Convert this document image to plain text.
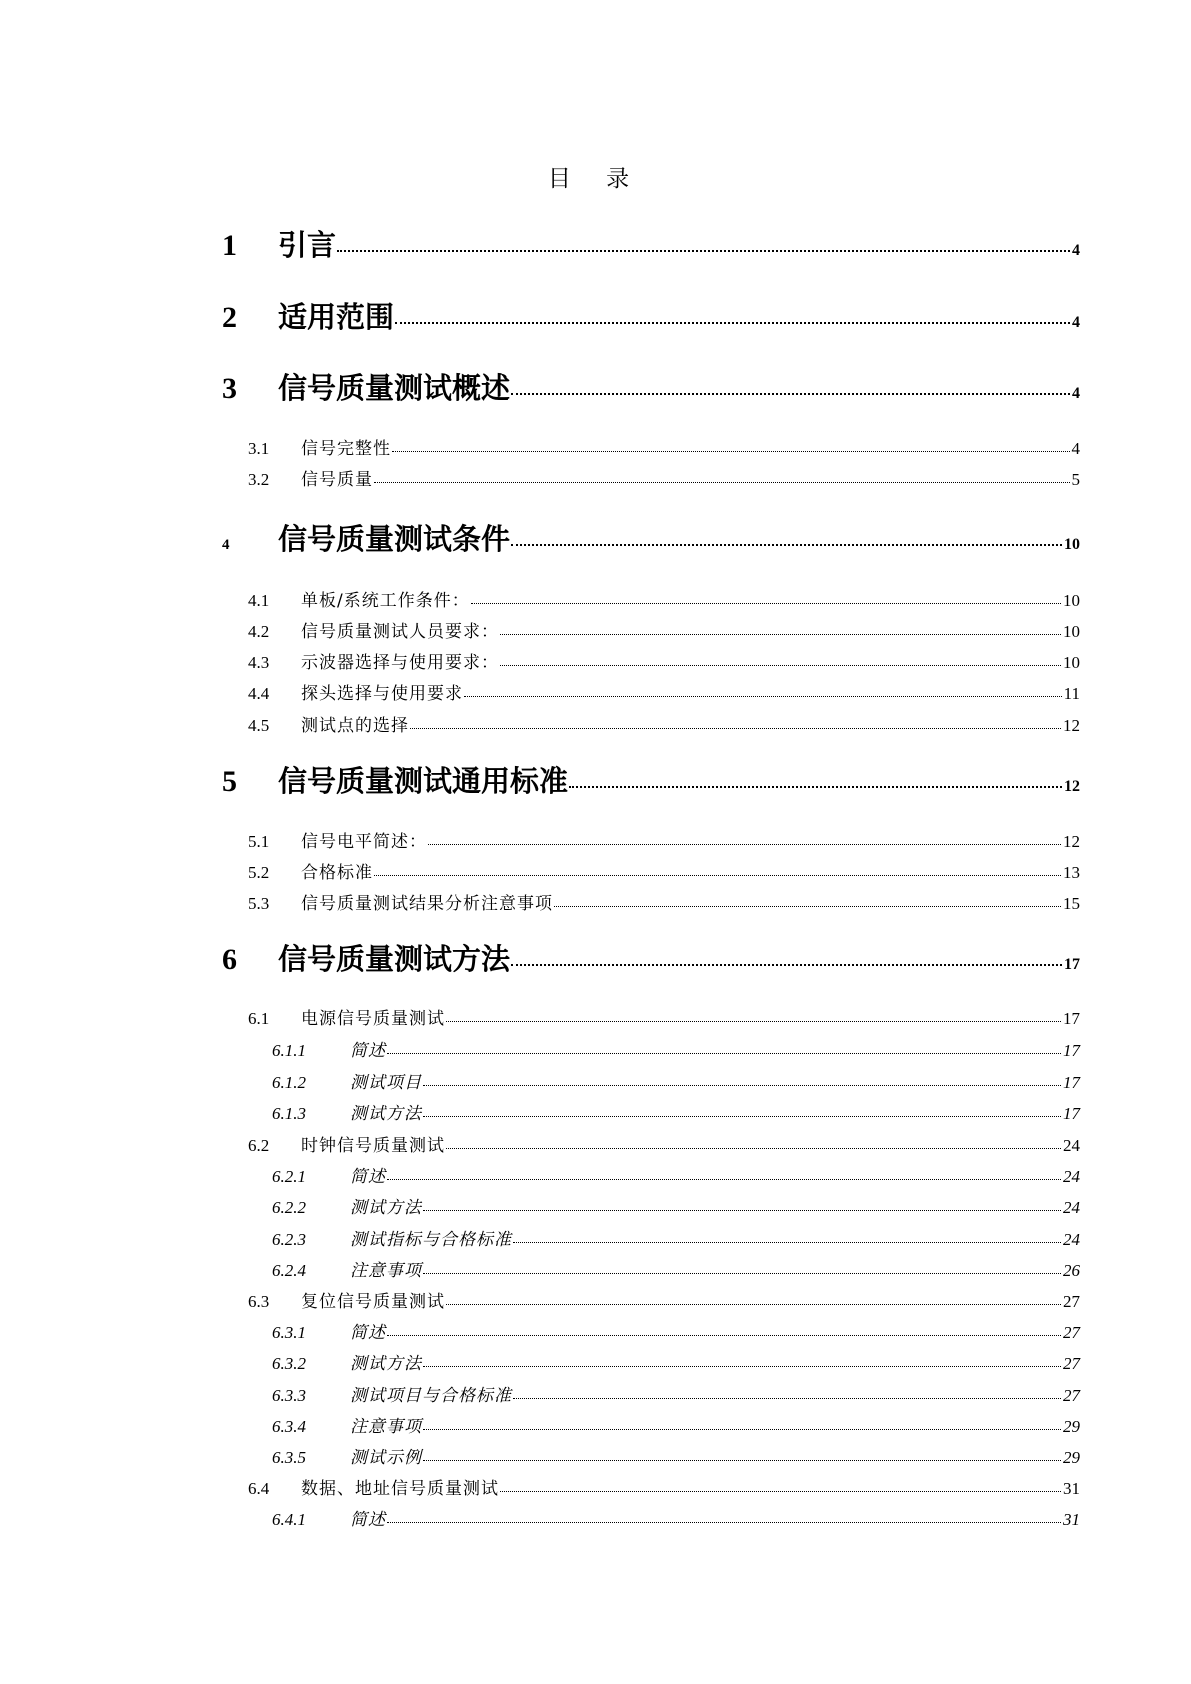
目 录
1	引言	4
2	适用范围	4
3	信号质量测试概述	4
3.1	信号完整性	4
3.2	信号质量	5
4	信号质量测试条件	10
4.1	单板/系统工作条件：	10
4.2	信号质量测试人员要求：	10
4.3	示波器选择与使用要求：	10
4.4	探头选择与使用要求	11
4.5	测试点的选择	12
5	信号质量测试通用标准	12
5.1	信号电平简述：	12
5.2	合格标准	13
5.3	信号质量测试结果分析注意事项	15
6	信号质量测试方法	17
6.1	电源信号质量测试	17
6.1.1	简述	17
6.1.2	测试项目	17
6.1.3	测试方法	17
6.2	时钟信号质量测试	24
6.2.1	简述	24
6.2.2	测试方法	24
6.2.3	测试指标与合格标准	24
6.2.4	注意事项	26
6.3	复位信号质量测试	27
6.3.1	简述	27
6.3.2	测试方法	27
6.3.3	测试项目与合格标准	27
6.3.4	注意事项	29
6.3.5	测试示例	29
6.4	数据、地址信号质量测试	31
6.4.1	简述	31
